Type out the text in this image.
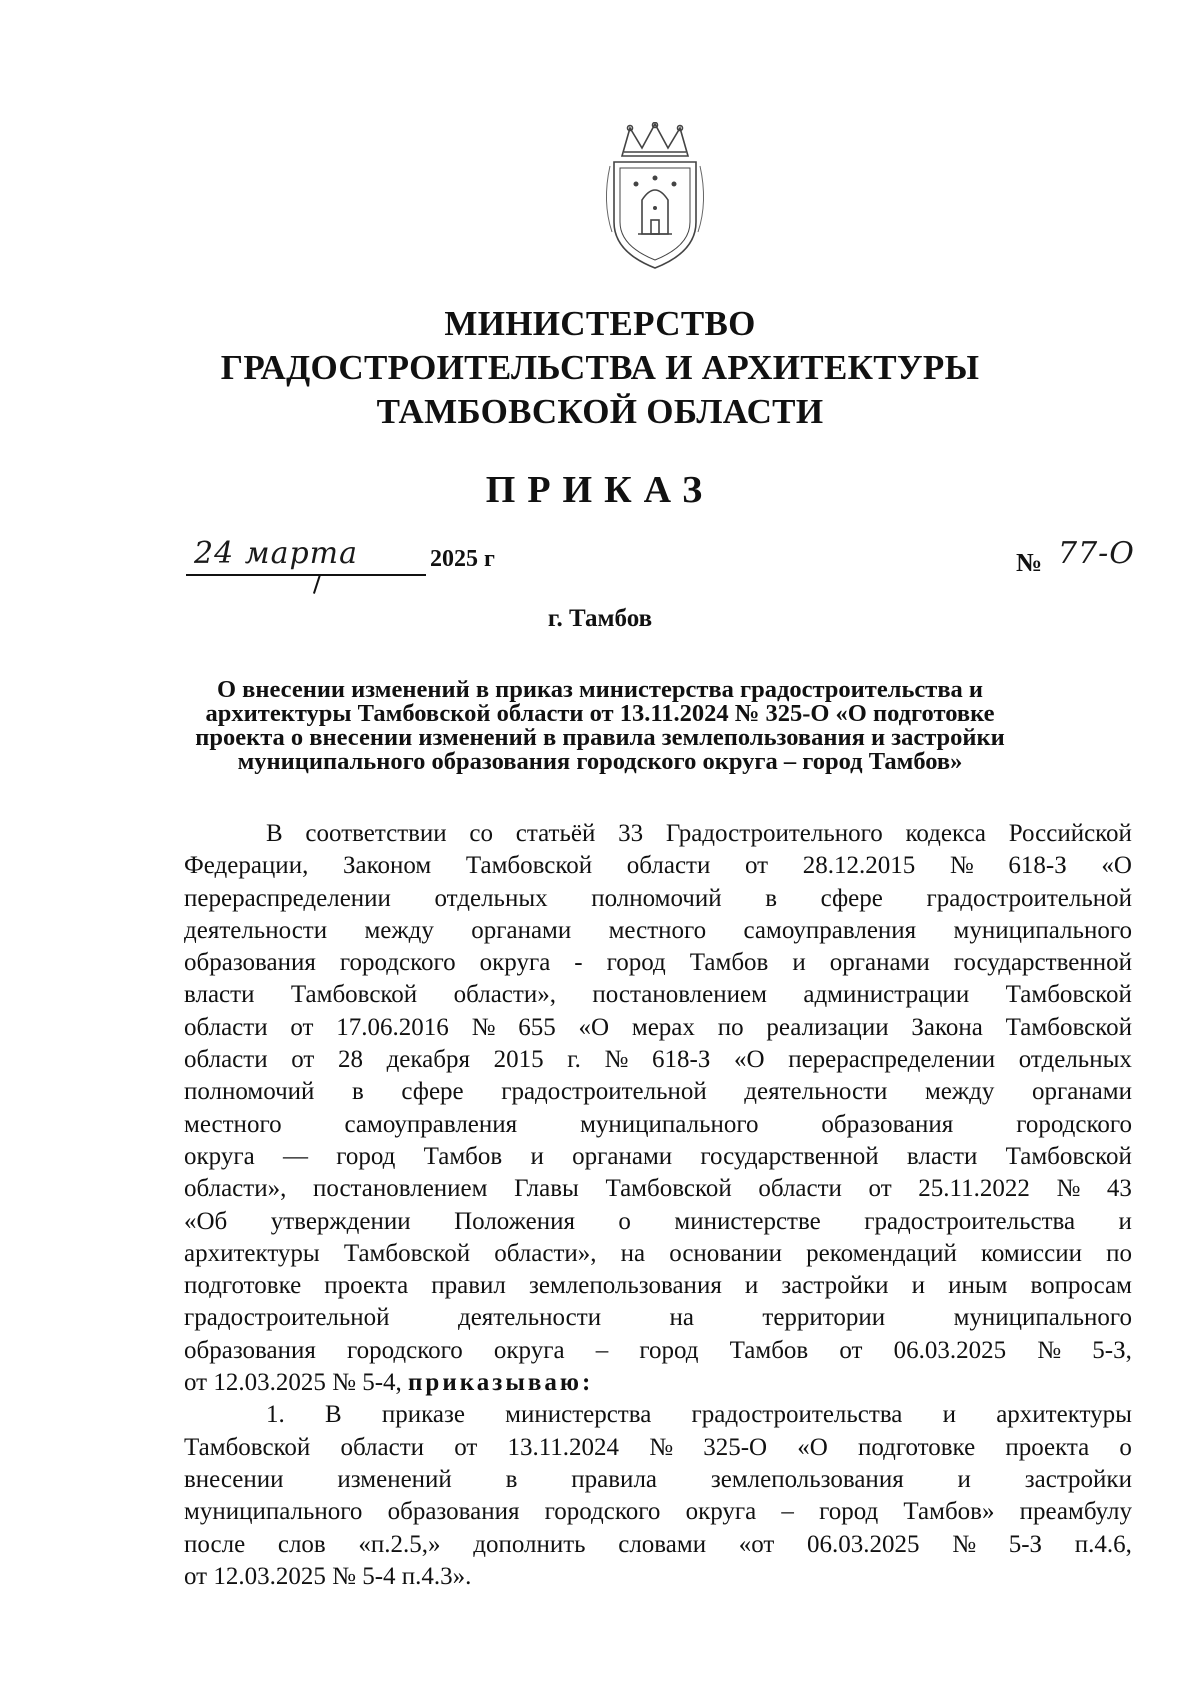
МИНИСТЕРСТВО
ГРАДОСТРОИТЕЛЬСТВА И АРХИТЕКТУРЫ
ТАМБОВСКОЙ ОБЛАСТИ
ПРИКАЗ
24 марта	2025 г	№ 77-О
г. Тамбов
О внесении изменений в приказ министерства градостроительства и
архитектуры Тамбовской области от 13.11.2024 № 325-О «О подготовке
проекта о внесении изменений в правила землепользования и застройки
муниципального образования городского округа – город Тамбов»
В соответствии со статьёй 33 Градостроительного кодекса Российской
Федерации, Законом Тамбовской области от 28.12.2015 № 618-З «О
перераспределении отдельных полномочий в сфере градостроительной
деятельности между органами местного самоуправления муниципального
образования городского округа - город Тамбов и органами государственной
власти Тамбовской области», постановлением администрации Тамбовской
области от 17.06.2016 № 655 «О мерах по реализации Закона Тамбовской
области от 28 декабря 2015 г. № 618-З «О перераспределении отдельных
полномочий в сфере градостроительной деятельности между органами
местного	самоуправления	муниципального	образования	городского
округа — город Тамбов и органами государственной власти Тамбовской
области», постановлением Главы Тамбовской области от 25.11.2022 № 43
«Об утверждении Положения о министерстве градостроительства и
архитектуры Тамбовской области», на основании рекомендаций комиссии по
подготовке проекта правил землепользования и застройки и иным вопросам
градостроительной	деятельности	на	территории	муниципального
образования городского округа – город Тамбов от 06.03.2025 № 5-З,
от 12.03.2025 № 5-4, приказываю:
1. В приказе министерства градостроительства и архитектуры
Тамбовской области от 13.11.2024 № 325-О «О подготовке проекта о
внесении изменений в правила землепользования и застройки
муниципального образования городского округа – город Тамбов» преамбулу
после слов «п.2.5,» дополнить словами «от 06.03.2025 № 5-З п.4.6,
от 12.03.2025 № 5-4 п.4.3».
